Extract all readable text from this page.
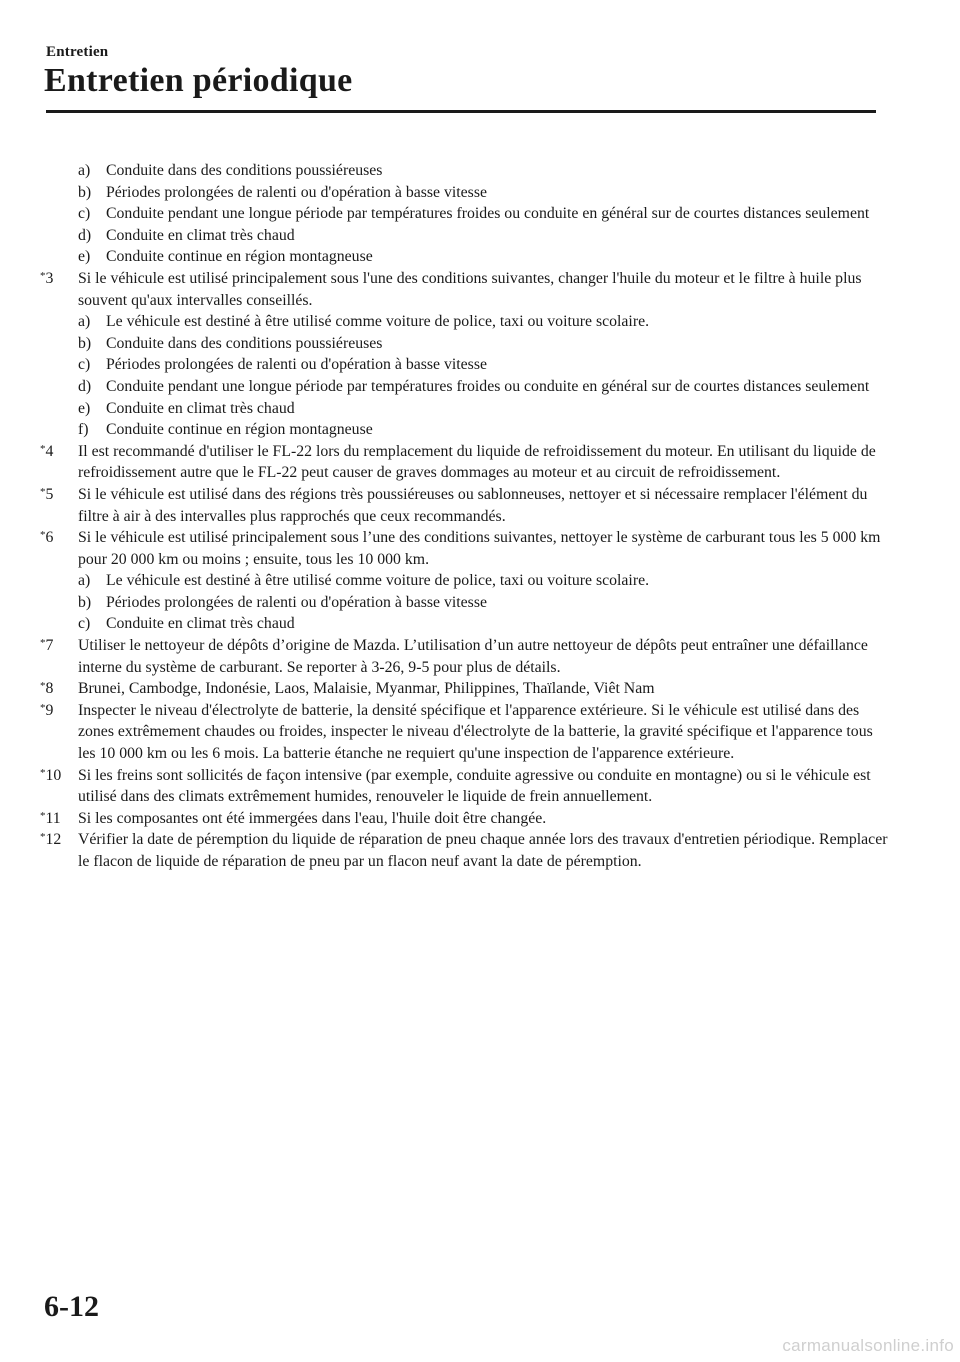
Entretien
Entretien périodique
a) Conduite dans des conditions poussiéreuses
b) Périodes prolongées de ralenti ou d'opération à basse vitesse
c) Conduite pendant une longue période par températures froides ou conduite en général sur de courtes distances seulement
d) Conduite en climat très chaud
e) Conduite continue en région montagneuse
*3	Si le véhicule est utilisé principalement sous l'une des conditions suivantes, changer l'huile du moteur et le filtre à huile plus souvent qu'aux intervalles conseillés.
a) Le véhicule est destiné à être utilisé comme voiture de police, taxi ou voiture scolaire.
b) Conduite dans des conditions poussiéreuses
c) Périodes prolongées de ralenti ou d'opération à basse vitesse
d) Conduite pendant une longue période par températures froides ou conduite en général sur de courtes distances seulement
e) Conduite en climat très chaud
f)	Conduite continue en région montagneuse
*4	Il est recommandé d'utiliser le FL-22 lors du remplacement du liquide de refroidissement du moteur. En utilisant du liquide de refroidissement autre que le FL-22 peut causer de graves dommages au moteur et au circuit de refroidissement.
*5	Si le véhicule est utilisé dans des régions très poussiéreuses ou sablonneuses, nettoyer et si nécessaire remplacer l'élément du filtre à air à des intervalles plus rapprochés que ceux recommandés.
*6	Si le véhicule est utilisé principalement sous l’une des conditions suivantes, nettoyer le système de carburant tous les 5 000 km pour 20 000 km ou moins ; ensuite, tous les 10 000 km.
a) Le véhicule est destiné à être utilisé comme voiture de police, taxi ou voiture scolaire.
b) Périodes prolongées de ralenti ou d'opération à basse vitesse
c) Conduite en climat très chaud
*7	Utiliser le nettoyeur de dépôts d’origine de Mazda. L’utilisation d’un autre nettoyeur de dépôts peut entraîner une défaillance interne du système de carburant. Se reporter à 3-26, 9-5 pour plus de détails.
*8	Brunei, Cambodge, Indonésie, Laos, Malaisie, Myanmar, Philippines, Thaïlande, Viêt Nam
*9	Inspecter le niveau d'électrolyte de batterie, la densité spécifique et l'apparence extérieure. Si le véhicule est utilisé dans des zones extrêmement chaudes ou froides, inspecter le niveau d'électrolyte de la batterie, la gravité spécifique et l'apparence tous les 10 000 km ou les 6 mois. La batterie étanche ne requiert qu'une inspection de l'apparence extérieure.
*10	Si les freins sont sollicités de façon intensive (par exemple, conduite agressive ou conduite en montagne) ou si le véhicule est utilisé dans des climats extrêmement humides, renouveler le liquide de frein annuellement.
*11	Si les composantes ont été immergées dans l'eau, l'huile doit être changée.
*12	Vérifier la date de péremption du liquide de réparation de pneu chaque année lors des travaux d'entretien périodique. Remplacer le flacon de liquide de réparation de pneu par un flacon neuf avant la date de péremption.
6-12
carmanualsonline.info
